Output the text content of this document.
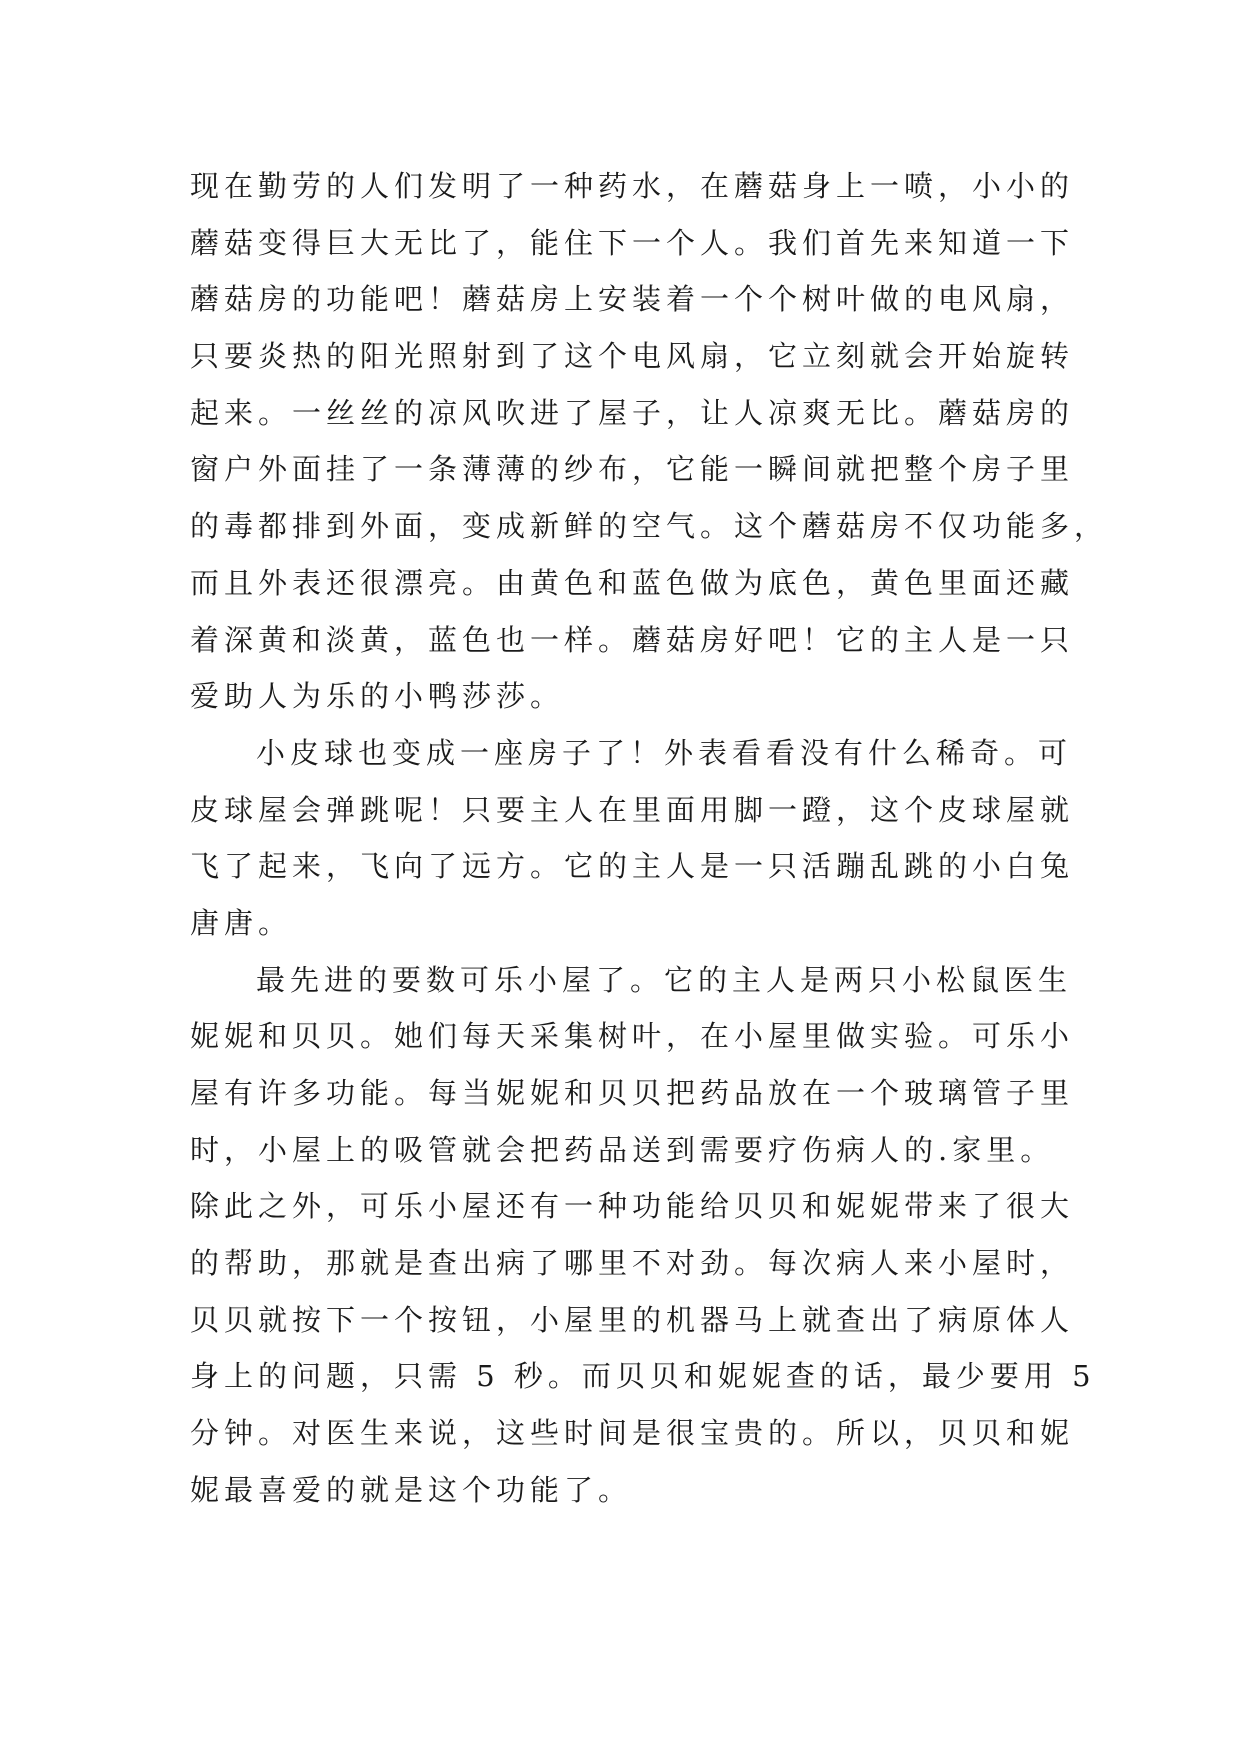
现在勤劳的人们发明了一种药水，在蘑菇身上一喷，小小的
蘑菇变得巨大无比了，能住下一个人。我们首先来知道一下
蘑菇房的功能吧！蘑菇房上安装着一个个树叶做的电风扇，
只要炎热的阳光照射到了这个电风扇，它立刻就会开始旋转
起来。一丝丝的凉风吹进了屋子，让人凉爽无比。蘑菇房的
窗户外面挂了一条薄薄的纱布，它能一瞬间就把整个房子里
的毒都排到外面，变成新鲜的空气。这个蘑菇房不仅功能多，
而且外表还很漂亮。由黄色和蓝色做为底色，黄色里面还藏
着深黄和淡黄，蓝色也一样。蘑菇房好吧！它的主人是一只
爱助人为乐的小鸭莎莎。

小皮球也变成一座房子了！外表看看没有什么稀奇。可
皮球屋会弹跳呢！只要主人在里面用脚一蹬，这个皮球屋就
飞了起来，飞向了远方。它的主人是一只活蹦乱跳的小白兔
唐唐。

最先进的要数可乐小屋了。它的主人是两只小松鼠医生
妮妮和贝贝。她们每天采集树叶，在小屋里做实验。可乐小
屋有许多功能。每当妮妮和贝贝把药品放在一个玻璃管子里
时，小屋上的吸管就会把药品送到需要疗伤病人的.家里。
除此之外，可乐小屋还有一种功能给贝贝和妮妮带来了很大
的帮助，那就是查出病了哪里不对劲。每次病人来小屋时，
贝贝就按下一个按钮，小屋里的机器马上就查出了病原体人
身上的问题，只需 5 秒。而贝贝和妮妮查的话，最少要用 5
分钟。对医生来说，这些时间是很宝贵的。所以，贝贝和妮
妮最喜爱的就是这个功能了。
